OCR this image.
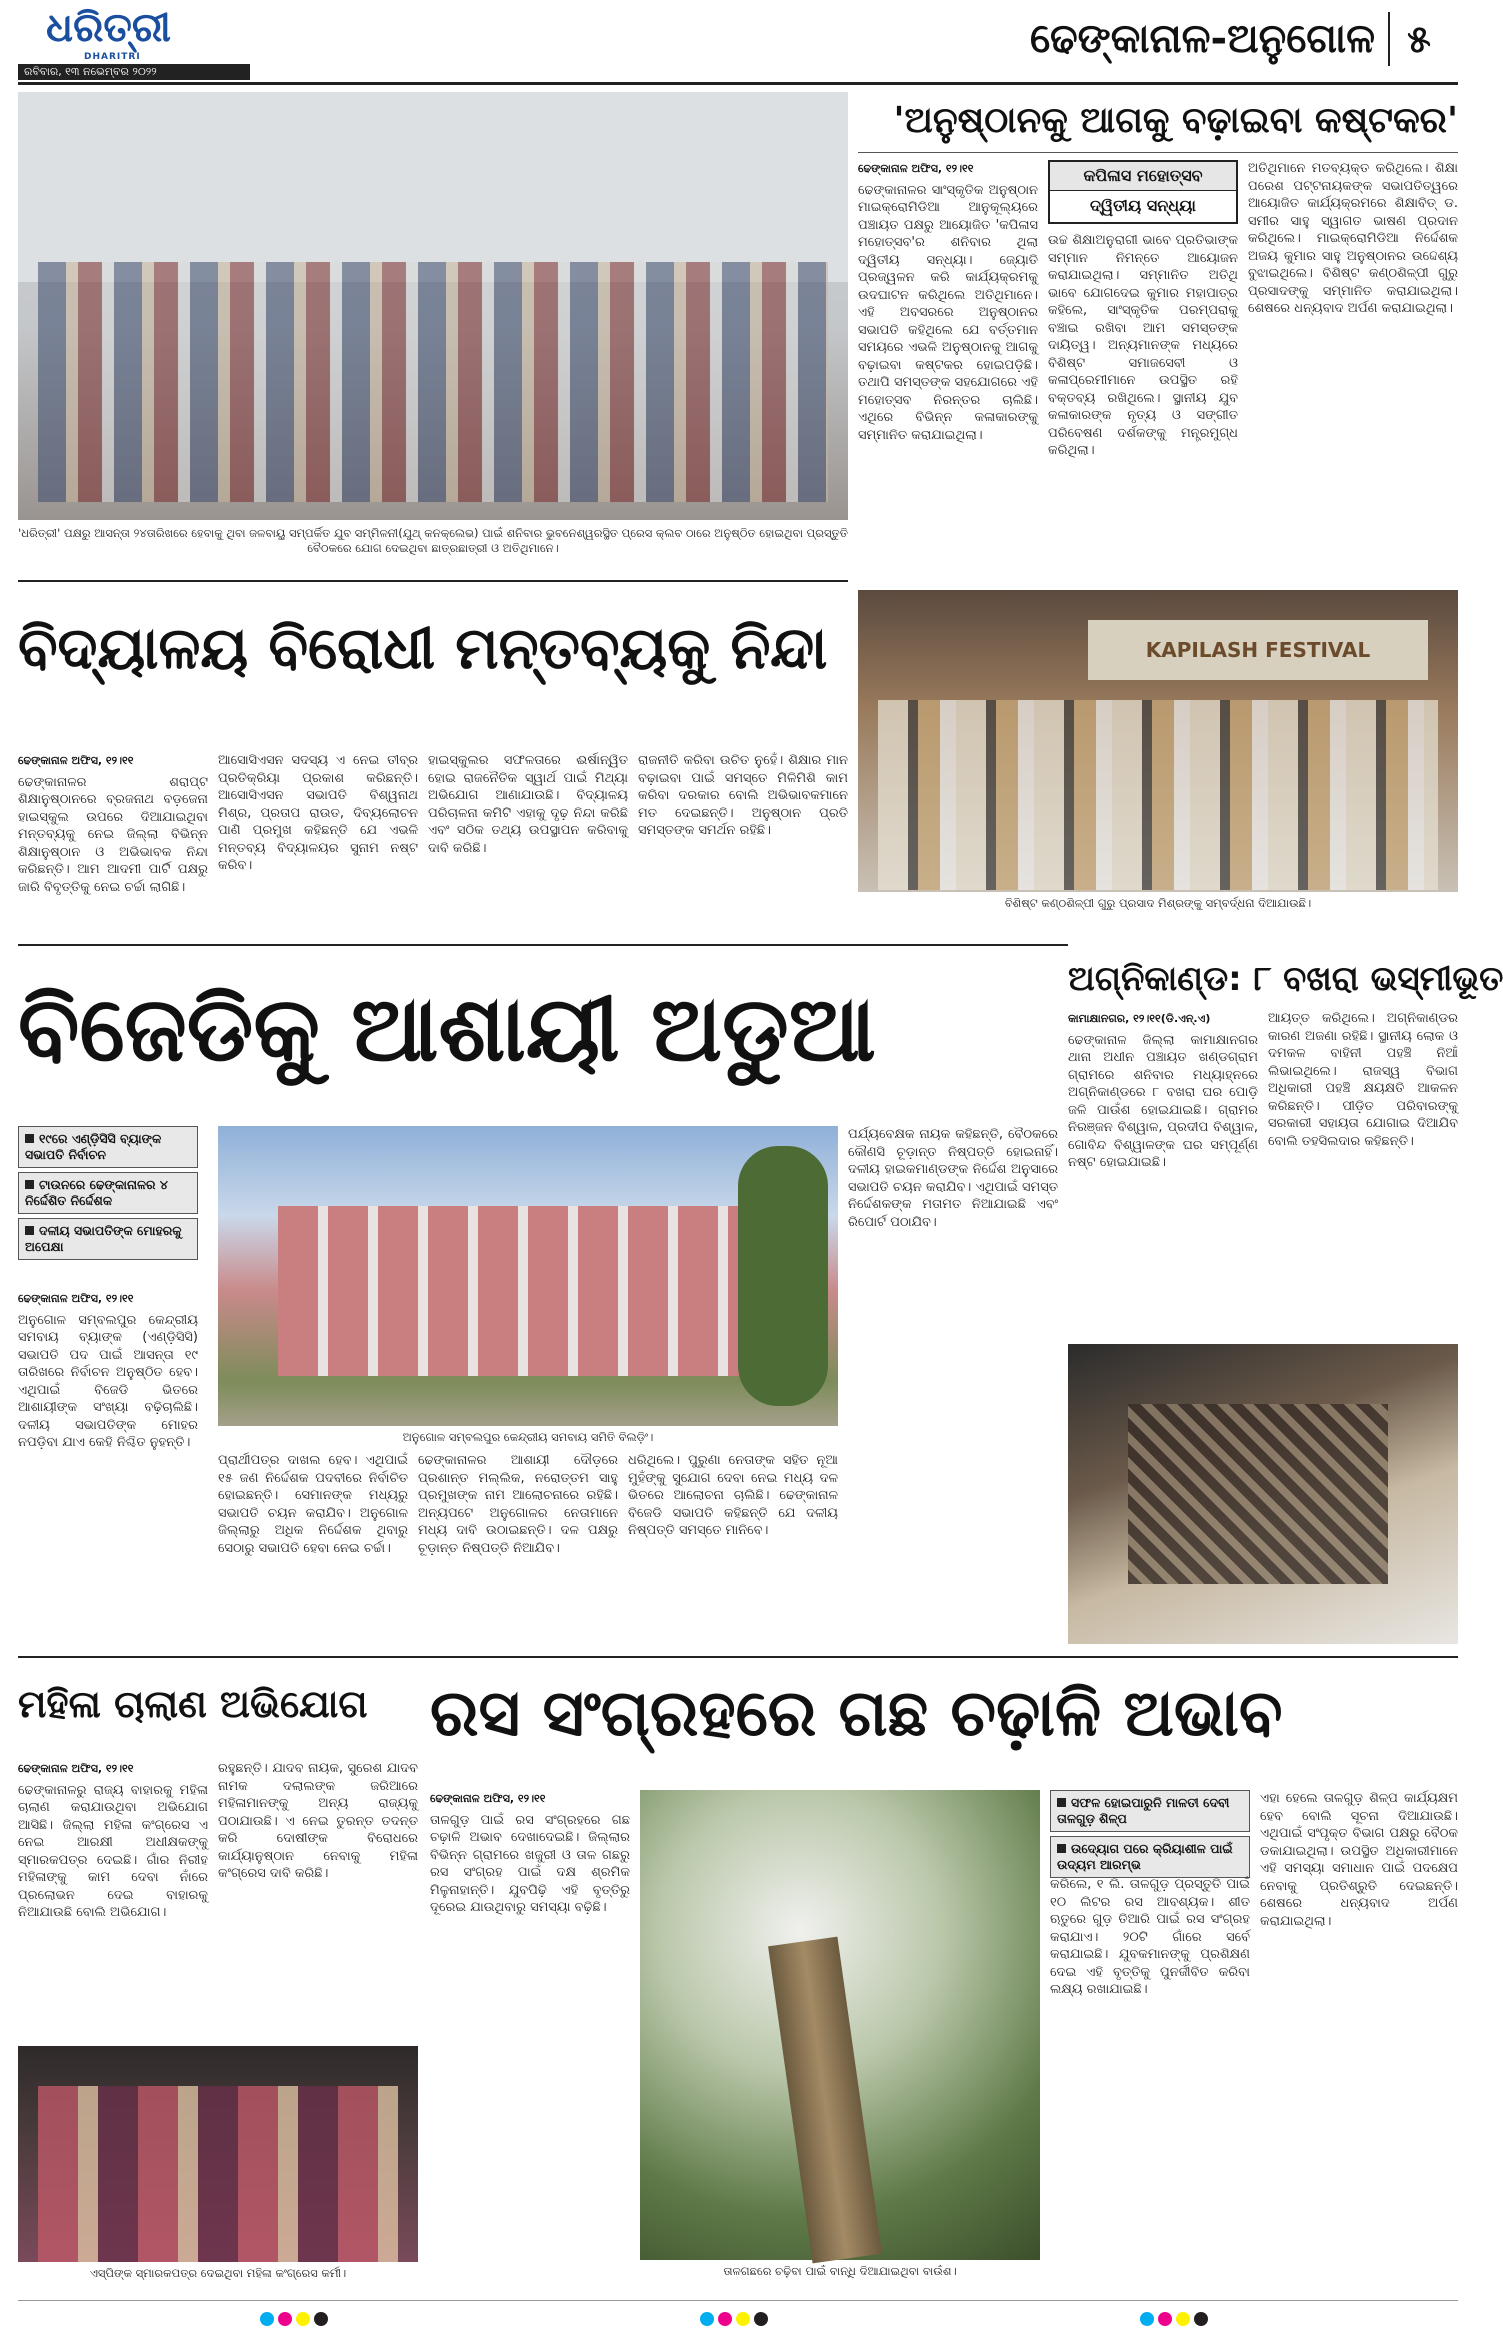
ଧରିତ୍ରୀ
DHARITRI
ରବିବାର, ୧୩ ନଭେମ୍ବର ୨୦୨୨
ଢେଙ୍କାନାଳ-ଅନୁଗୋଳ ୫
'ଧରିତ୍ରୀ' ପକ୍ଷରୁ ଆସନ୍ତା ୨୪ତାରିଖରେ ହେବାକୁ ଥିବା ଜଳବାୟୁ ସମ୍ପର୍କିତ ଯୁବ ସମ୍ମିଳନୀ(ଯୁଥ୍ କନକ୍ଲେଭ) ପାଇଁ ଶନିବାର ଭୁବନେଶ୍ୱରସ୍ଥିତ ପ୍ରେସ କ୍ଲବ ଠାରେ ଅନୁଷ୍ଠିତ ହୋଇଥିବା ପ୍ରସ୍ତୁତି ବୈଠକରେ ଯୋଗ ଦେଇଥିବା ଛାତ୍ରଛାତ୍ରୀ ଓ ଅତିଥିମାନେ।
'ଅନୁଷ୍ଠାନକୁ ଆଗକୁ ବଢ଼ାଇବା କଷ୍ଟକର'
ଢେଙ୍କାନାଳ ଅଫିସ, ୧୨।୧୧
ଢେଙ୍କାନାଳର ସାଂସ୍କୃତିକ ଅନୁଷ୍ଠାନ ମାଇକ୍ରୋମିଡିଆ ଆନୁକୂଲ୍ୟରେ ପଞ୍ଚାୟତ ପକ୍ଷରୁ ଆୟୋଜିତ 'କପିଳାସ ମହୋତ୍ସବ'ର ଶନିବାର ଥିଲା ଦ୍ୱିତୀୟ ସନ୍ଧ୍ୟା। ଜ୍ୟୋତି ପ୍ରଜ୍ୱଳନ କରି କାର୍ଯ୍ୟକ୍ରମକୁ ଉଦଘାଟନ କରିଥିଲେ ଅତିଥିମାନେ। ଏହି ଅବସରରେ ଅନୁଷ୍ଠାନର ସଭାପତି କହିଥିଲେ ଯେ ବର୍ତ୍ତମାନ ସମୟରେ ଏଭଳି ଅନୁଷ୍ଠାନକୁ ଆଗକୁ ବଢ଼ାଇବା କଷ୍ଟକର ହୋଇପଡ଼ିଛି। ତଥାପି ସମସ୍ତଙ୍କ ସହଯୋଗରେ ଏହି ମହୋତ୍ସବ ନିରନ୍ତର ଚାଲିଛି। ଏଥିରେ ବିଭିନ୍ନ କଳାକାରଙ୍କୁ ସମ୍ମାନିତ କରାଯାଇଥିଲା।
କପିଳାସ ମହୋତ୍ସବ
ଦ୍ୱିତୀୟ ସନ୍ଧ୍ୟା
ଉଚ୍ଚ ଶିକ୍ଷାଅନୁରାଗୀ ଭାବେ ପ୍ରତିଭାଙ୍କ ସମ୍ମାନ ନିମନ୍ତେ ଆୟୋଜନ କରାଯାଇଥିଲା। ସମ୍ମାନିତ ଅତିଥି ଭାବେ ଯୋଗଦେଇ କୁମାର ମହାପାତ୍ର କହିଲେ, ସାଂସ୍କୃତିକ ପରମ୍ପରାକୁ ବଞ୍ଚାଇ ରଖିବା ଆମ ସମସ୍ତଙ୍କ ଦାୟିତ୍ୱ। ଅନ୍ୟମାନଙ୍କ ମଧ୍ୟରେ ବିଶିଷ୍ଟ ସମାଜସେବୀ ଓ କଳାପ୍ରେମୀମାନେ ଉପସ୍ଥିତ ରହି ବକ୍ତବ୍ୟ ରଖିଥିଲେ। ସ୍ଥାନୀୟ ଯୁବ କଳାକାରଙ୍କ ନୃତ୍ୟ ଓ ସଙ୍ଗୀତ ପରିବେଷଣ ଦର୍ଶକଙ୍କୁ ମନ୍ତ୍ରମୁଗ୍ଧ କରିଥିଲା।
ଅତିଥିମାନେ ମତବ୍ୟକ୍ତ କରିଥିଲେ। ଶିକ୍ଷା ପରେଶ ପଟ୍ଟନାୟକଙ୍କ ସଭାପତିତ୍ୱରେ ଆୟୋଜିତ କାର୍ଯ୍ୟକ୍ରମରେ ଶିକ୍ଷାବିତ୍ ଡ. ସମୀର ସାହୁ ସ୍ୱାଗତ ଭାଷଣ ପ୍ରଦାନ କରିଥିଲେ। ମାଇକ୍ରୋମିଡିଆ ନିର୍ଦ୍ଦେଶକ ଅଜୟ କୁମାର ସାହୁ ଅନୁଷ୍ଠାନର ଉଦ୍ଦେଶ୍ୟ ବୁଝାଇଥିଲେ। ବିଶିଷ୍ଟ କଣ୍ଠଶିଳ୍ପୀ ଗୁରୁ ପ୍ରସାଦଙ୍କୁ ସମ୍ମାନିତ କରାଯାଇଥିଲା। ଶେଷରେ ଧନ୍ୟବାଦ ଅର୍ପଣ କରାଯାଇଥିଲା।
KAPILASH FESTIVAL
ବିଶିଷ୍ଟ କଣ୍ଠଶିଳ୍ପୀ ଗୁରୁ ପ୍ରସାଦ ମିଶ୍ରଙ୍କୁ ସମ୍ବର୍ଦ୍ଧନା ଦିଆଯାଉଛି।
ବିଦ୍ୟାଳୟ ବିରୋଧୀ ମନ୍ତବ୍ୟକୁ ନିନ୍ଦା
ଢେଙ୍କାନାଳ ଅଫିସ, ୧୨।୧୧
ଢେଙ୍କାନାଳର ଶରାପ୍ଟ ଶିକ୍ଷାନୁଷ୍ଠାନରେ ବ୍ରଜନାଥ ବଡ଼ଜେନା ହାଇସ୍କୁଲ ଉପରେ ଦିଆଯାଇଥିବା ମନ୍ତବ୍ୟକୁ ନେଇ ଜିଲ୍ଲା ବିଭିନ୍ନ ଶିକ୍ଷାନୁଷ୍ଠାନ ଓ ଅଭିଭାବକ ନିନ୍ଦା କରିଛନ୍ତି। ଆମ ଆଦମୀ ପାର୍ଟି ପକ୍ଷରୁ ଜାରି ବିବୃତ୍ତିକୁ ନେଇ ଚର୍ଚ୍ଚା ଲାଗିଛି।
ଆସୋସିଏସନ ସଦସ୍ୟ ଏ ନେଇ ତୀବ୍ର ପ୍ରତିକ୍ରିୟା ପ୍ରକାଶ କରିଛନ୍ତି। ଆସୋସିଏସନ ସଭାପତି ବିଶ୍ୱନାଥ ମିଶ୍ର, ପ୍ରତାପ ରାଉତ, ଦିବ୍ୟଲୋଚନ ପାଣି ପ୍ରମୁଖ କହିଛନ୍ତି ଯେ ଏଭଳି ମନ୍ତବ୍ୟ ବିଦ୍ୟାଳୟର ସୁନାମ ନଷ୍ଟ କରିବ।
ହାଇସ୍କୁଲର ସଫଳତାରେ ଈର୍ଷାନ୍ୱିତ ହୋଇ ରାଜନୈତିକ ସ୍ୱାର୍ଥ ପାଇଁ ମିଥ୍ୟା ଅଭିଯୋଗ ଆଣାଯାଉଛି। ବିଦ୍ୟାଳୟ ପରିଚାଳନା କମିଟି ଏହାକୁ ଦୃଢ଼ ନିନ୍ଦା କରିଛି ଏବଂ ସଠିକ ତଥ୍ୟ ଉପସ୍ଥାପନ କରିବାକୁ ଦାବି କରିଛି।
ରାଜନୀତି କରିବା ଉଚିତ ନୁହେଁ। ଶିକ୍ଷାର ମାନ ବଢ଼ାଇବା ପାଇଁ ସମସ୍ତେ ମିଳିମିଶି କାମ କରିବା ଦରକାର ବୋଲି ଅଭିଭାବକମାନେ ମତ ଦେଇଛନ୍ତି। ଅନୁଷ୍ଠାନ ପ୍ରତି ସମସ୍ତଙ୍କ ସମର୍ଥନ ରହିଛି।
ବିଜେଡିକୁ ଆଶାୟୀ ଅଡୁଆ
୧୯ରେ ଏଣ୍ଡ଼ିସିସି ବ୍ୟାଙ୍କ ସଭାପତି ନିର୍ବାଚନ
ଟାଉନରେ ଢେଙ୍କାନାଳର ୪ ନିର୍ଦ୍ଦେଶିତ ନିର୍ଦ୍ଦେଶକ
ଦଳୀୟ ସଭାପତିଙ୍କ ମୋହରକୁ ଅପେକ୍ଷା
ଢେଙ୍କାନାଳ ଅଫିସ, ୧୨।୧୧
ଅନୁଗୋଳ ସମ୍ବଲପୁର କେନ୍ଦ୍ରୀୟ ସମବାୟ ବ୍ୟାଙ୍କ (ଏଣ୍ଡ଼ିସିସି) ସଭାପତି ପଦ ପାଇଁ ଆସନ୍ତା ୧୯ ତାରିଖରେ ନିର୍ବାଚନ ଅନୁଷ୍ଠିତ ହେବ। ଏଥିପାଇଁ ବିଜେଡି ଭିତରେ ଆଶାୟୀଙ୍କ ସଂଖ୍ୟା ବଢ଼ିଚାଲିଛି। ଦଳୀୟ ସଭାପତିଙ୍କ ମୋହର ନପଡ଼ିବା ଯାଏ କେହି ନିଶ୍ଚିତ ନୁହନ୍ତି।	ଅନୁଗୋଳ ସମ୍ବଲପୁର କେନ୍ଦ୍ରୀୟ ସମବାୟ ସମିତି ବିଲଡ଼ିଂ।
ପ୍ରାର୍ଥୀପତ୍ର ଦାଖଲ ହେବ। ଏଥିପାଇଁ ୧୫ ଜଣ ନିର୍ଦ୍ଦେଶକ ପଦବୀରେ ନିର୍ବାଚିତ ହୋଇଛନ୍ତି। ସେମାନଙ୍କ ମଧ୍ୟରୁ ସଭାପତି ଚୟନ କରାଯିବ। ଅନୁଗୋଳ ଜିଲ୍ଲାରୁ ଅଧିକ ନିର୍ଦ୍ଦେଶକ ଥିବାରୁ ସେଠାରୁ ସଭାପତି ହେବା ନେଇ ଚର୍ଚ୍ଚା।
ଢେଙ୍କାନାଳର ଆଶାୟୀ ଦୌଡ଼ରେ ପ୍ରଶାନ୍ତ ମଲ୍ଲିକ, ନରୋତ୍ତମ ସାହୁ ପ୍ରମୁଖଙ୍କ ନାମ ଆଲୋଚନାରେ ରହିଛି। ଅନ୍ୟପଟେ ଅନୁଗୋଳର ନେତାମାନେ ମଧ୍ୟ ଦାବି ଉଠାଇଛନ୍ତି। ଦଳ ପକ୍ଷରୁ ଚୂଡ଼ାନ୍ତ ନିଷ୍ପତ୍ତି ନିଆଯିବ।
ଧରିଥିଲେ। ପୁରୁଣା ନେତାଙ୍କ ସହିତ ନୂଆ ମୁହଁଙ୍କୁ ସୁଯୋଗ ଦେବା ନେଇ ମଧ୍ୟ ଦଳ ଭିତରେ ଆଲୋଚନା ଚାଲିଛି। ଢେଙ୍କାନାଳ ବିଜେଡି ସଭାପତି କହିଛନ୍ତି ଯେ ଦଳୀୟ ନିଷ୍ପତ୍ତି ସମସ୍ତେ ମାନିବେ।
ପର୍ଯ୍ୟବେକ୍ଷକ ନାୟକ କହିଛନ୍ତି, ବୈଠକରେ କୌଣସି ଚୂଡ଼ାନ୍ତ ନିଷ୍ପତ୍ତି ହୋଇନାହିଁ। ଦଳୀୟ ହାଇକମାଣ୍ଡଙ୍କ ନିର୍ଦ୍ଦେଶ ଅନୁସାରେ ସଭାପତି ଚୟନ କରାଯିବ। ଏଥିପାଇଁ ସମସ୍ତ ନିର୍ଦ୍ଦେଶକଙ୍କ ମତାମତ ନିଆଯାଇଛି ଏବଂ ରିପୋର୍ଟ ପଠାଯିବ।
ଅଗ୍ନିକାଣ୍ଡ: ୮ ବଖରା ଭସ୍ମୀଭୂତ
କାମାକ୍ଷାନଗର, ୧୨।୧୧(ଡି.ଏନ୍.ଏ)
ଢେଙ୍କାନାଳ ଜିଲ୍ଲା କାମାକ୍ଷାନଗର ଥାନା ଅଧୀନ ପଞ୍ଚାୟତ ଖଣ୍ଡଗ୍ରାମ ଗ୍ରାମରେ ଶନିବାର ମଧ୍ୟାହ୍ନରେ ଅଗ୍ନିକାଣ୍ଡରେ ୮ ବଖରା ଘର ପୋଡ଼ି ଜଳି ପାଉଁଶ ହୋଇଯାଇଛି। ଗ୍ରାମର ନିରଞ୍ଜନ ବିଶ୍ୱାଳ, ପ୍ରଦୀପ ବିଶ୍ୱାଳ, ଗୋବିନ୍ଦ ବିଶ୍ୱାଳଙ୍କ ଘର ସମ୍ପୂର୍ଣ୍ଣ ନଷ୍ଟ ହୋଇଯାଇଛି।
ଆୟତ୍ତ କରିଥିଲେ। ଅଗ୍ନିକାଣ୍ଡର କାରଣ ଅଜଣା ରହିଛି। ସ୍ଥାନୀୟ ଲୋକ ଓ ଦମକଳ ବାହିନୀ ପହଞ୍ଚି ନିଆଁ ଲିଭାଇଥିଲେ। ରାଜସ୍ୱ ବିଭାଗ ଅଧିକାରୀ ପହଞ୍ଚି କ୍ଷୟକ୍ଷତି ଆକଳନ କରିଛନ୍ତି। ପୀଡ଼ିତ ପରିବାରଙ୍କୁ ସରକାରୀ ସହାୟତା ଯୋଗାଇ ଦିଆଯିବ ବୋଲି ତହସିଲଦାର କହିଛନ୍ତି।
ମହିଳା ଚାଲାଣ ଅଭିଯୋଗ
ଢେଙ୍କାନାଳ ଅଫିସ, ୧୨।୧୧
ଢେଙ୍କାନାଳରୁ ରାଜ୍ୟ ବାହାରକୁ ମହିଳା ଚାଲାଣ କରାଯାଉଥିବା ଅଭିଯୋଗ ଆସିଛି। ଜିଲ୍ଲା ମହିଳା କଂଗ୍ରେସ ଏ ନେଇ ଆରକ୍ଷୀ ଅଧୀକ୍ଷକଙ୍କୁ ସ୍ମାରକପତ୍ର ଦେଇଛି। ଗାଁର ନିରୀହ ମହିଳାଙ୍କୁ କାମ ଦେବା ନାଁରେ ପ୍ରଲୋଭନ ଦେଇ ବାହାରକୁ ନିଆଯାଉଛି ବୋଲି ଅଭିଯୋଗ।
ରହୁଛନ୍ତି। ଯାଦବ ନାୟକ, ସୁରେଶ ଯାଦବ ନାମକ ଦଲାଲଙ୍କ ଜରିଆରେ ମହିଳାମାନଙ୍କୁ ଅନ୍ୟ ରାଜ୍ୟକୁ ପଠାଯାଉଛି। ଏ ନେଇ ତୁରନ୍ତ ତଦନ୍ତ କରି ଦୋଷୀଙ୍କ ବିରୋଧରେ କାର୍ଯ୍ୟାନୁଷ୍ଠାନ ନେବାକୁ ମହିଳା କଂଗ୍ରେସ ଦାବି କରିଛି।
ଏସ୍‌ପିଙ୍କ ସ୍ମାରକପତ୍ର ଦେଇଥିବା ମହିଳା କଂଗ୍ରେସ କର୍ମୀ।
ରସ ସଂଗ୍ରହରେ ଗଛ ଚଢ଼ାଳି ଅଭାବ
ଢେଙ୍କାନାଳ ଅଫିସ, ୧୨।୧୧
ତାଳଗୁଡ଼ ପାଇଁ ରସ ସଂଗ୍ରହରେ ଗଛ ଚଢ଼ାଳି ଅଭାବ ଦେଖାଦେଇଛି। ଜିଲ୍ଲାର ବିଭିନ୍ନ ଗ୍ରାମରେ ଖଜୁରୀ ଓ ତାଳ ଗଛରୁ ରସ ସଂଗ୍ରହ ପାଇଁ ଦକ୍ଷ ଶ୍ରମିକ ମିଳୁନାହାନ୍ତି। ଯୁବପିଢ଼ି ଏହି ବୃତ୍ତିରୁ ଦୂରେଇ ଯାଉଥିବାରୁ ସମସ୍ୟା ବଢ଼ିଛି।
ତାଳଗଛରେ ଚଢ଼ିବା ପାଇଁ ବାନ୍ଧି ଦିଆଯାଇଥିବା ବାଉଁଶ।
ସଫଳ ହୋଇପାରୁନି ମାଳତୀ ଦେବୀ ତାଳଗୁଡ଼ ଶିଳ୍ପ
ଉଦ୍ୟୋଗ ପରେ କ୍ରିୟାଶୀଳ ପାଇଁ ଉଦ୍ୟମ ଆରମ୍ଭ
କରିଲେ, ୧ ଲି. ତାଳଗୁଡ଼ ପ୍ରସ୍ତୁତି ପାଇଁ ୧୦ ଲିଟର ରସ ଆବଶ୍ୟକ। ଶୀତ ଋତୁରେ ଗୁଡ଼ ତିଆରି ପାଇଁ ରସ ସଂଗ୍ରହ କରାଯାଏ। ୨୦ଟି ଗାଁରେ ସର୍ବେ କରାଯାଇଛି। ଯୁବକମାନଙ୍କୁ ପ୍ରଶିକ୍ଷଣ ଦେଇ ଏହି ବୃତ୍ତିକୁ ପୁନର୍ଜୀବିତ କରିବା ଲକ୍ଷ୍ୟ ରଖାଯାଇଛି।
ଏହା ହେଲେ ତାଳଗୁଡ଼ ଶିଳ୍ପ କାର୍ଯ୍ୟକ୍ଷମ ହେବ ବୋଲି ସୂଚନା ଦିଆଯାଉଛି। ଏଥିପାଇଁ ସଂପୃକ୍ତ ବିଭାଗ ପକ୍ଷରୁ ବୈଠକ ଡକାଯାଇଥିଲା। ଉପସ୍ଥିତ ଅଧିକାରୀମାନେ ଏହି ସମସ୍ୟା ସମାଧାନ ପାଇଁ ପଦକ୍ଷେପ ନେବାକୁ ପ୍ରତିଶ୍ରୁତି ଦେଇଛନ୍ତି। ଶେଷରେ ଧନ୍ୟବାଦ ଅର୍ପଣ କରାଯାଇଥିଲା।
